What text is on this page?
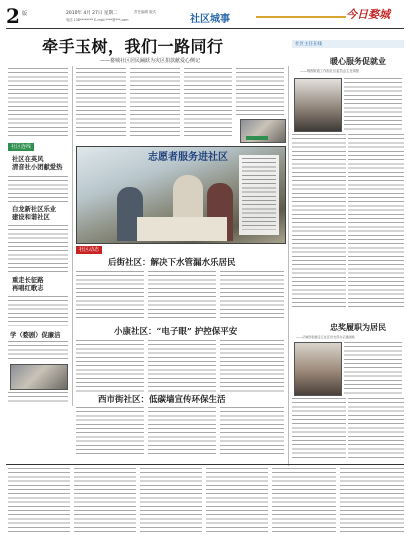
2 版	2010年 4月 27日 星期二	责任编辑 版式
电话 138******** E-mail ****@***.com	社区城事	今日婺城
牵手玉树，我们一路同行
——婺城社区居民踊跃为灾区捐款献爱心侧记
社区连线
社区在英风
清音社小团献爱热
白龙新社区乐业
建设和谐社区
重走长征路
再唱红歌志
学（婺剧）促廉洁
志愿者服务进社区
社区动态
后街社区：解决下水管漏水乐居民
小康社区：“电子眼” 护控保平安
西市街社区：低碳墙宣传环保生活
社区主任在线
暖心服务促就业
——城西街道工作组社区委员会主任周阳
忠奖履职为居民
——记城西街道宝汇社区党支部书记潘国艳
